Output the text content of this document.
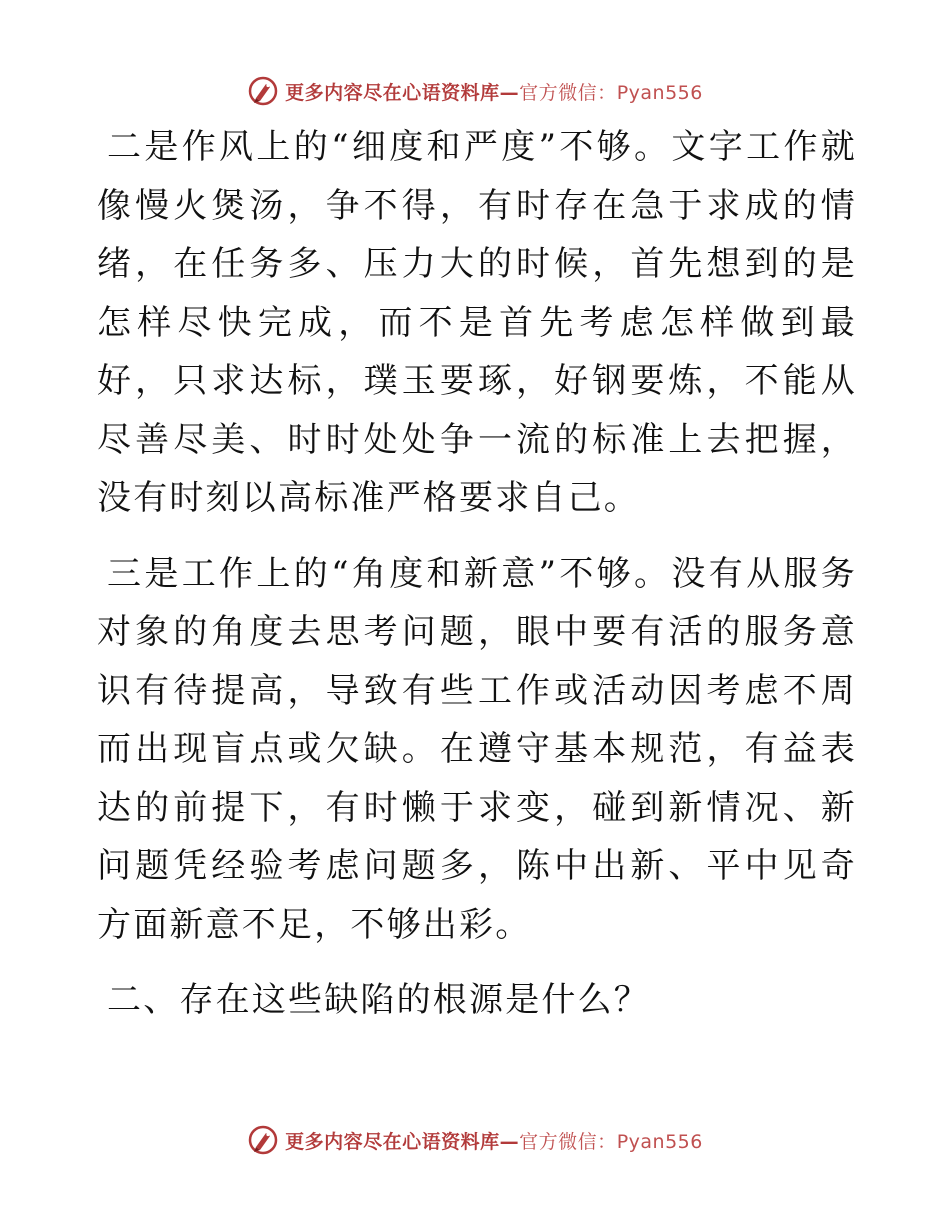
更多内容尽在心语资料库—官方微信：Pyan556

二是作风上的“细度和严度”不够。文字工作就像慢火煲汤，争不得，有时存在急于求成的情绪，在任务多、压力大的时候，首先想到的是怎样尽快完成，而不是首先考虑怎样做到最好，只求达标，璞玉要琢，好钢要炼，不能从尽善尽美、时时处处争一流的标准上去把握，没有时刻以高标准严格要求自己。

三是工作上的“角度和新意”不够。没有从服务对象的角度去思考问题，眼中要有活的服务意识有待提高，导致有些工作或活动因考虑不周而出现盲点或欠缺。在遵守基本规范，有益表达的前提下，有时懒于求变，碰到新情况、新问题凭经验考虑问题多，陈中出新、平中见奇方面新意不足，不够出彩。

二、存在这些缺陷的根源是什么？

更多内容尽在心语资料库—官方微信：Pyan556
